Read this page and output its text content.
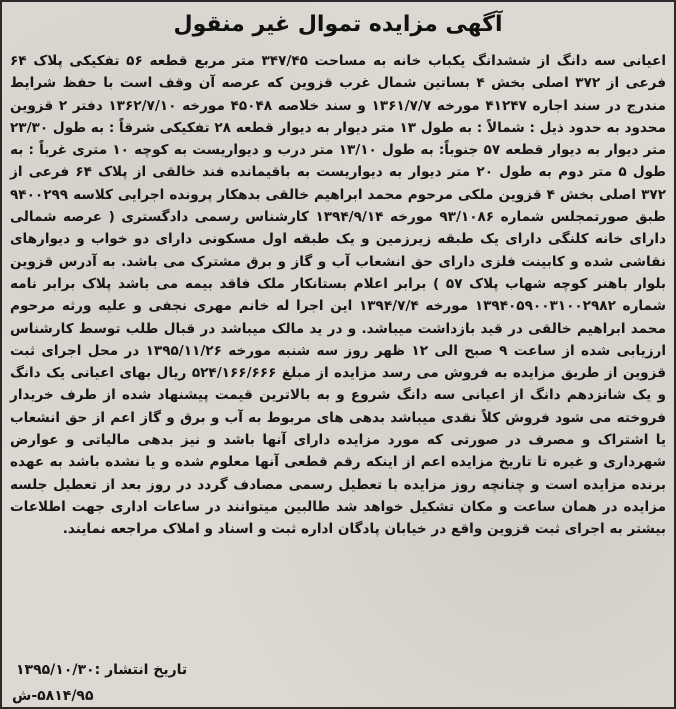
آگهی مزایده تموال غیر منقول
اعیانی سه دانگ از ششدانگ یکباب خانه به مساحت ۳۴۷/۴۵ متر مربع قطعه ۵۶ تفکیکی پلاک ۶۴ فرعی از ۳۷۲ اصلی بخش ۴ بساتین شمال غرب قزوین که عرصه آن وقف است با حفظ شرایط مندرج در سند اجاره ۴۱۲۴۷ مورخه ۱۳۶۱/۷/۷ و سند خلاصه ۴۵۰۴۸ مورخه ۱۳۶۲/۷/۱۰ دفتر ۲ قزوین محدود به حدود ذیل : شمالاً : به طول ۱۳ متر دیوار به دیوار قطعه ۲۸ تفکیکی شرقاً : به طول ۲۳/۳۰ متر دیوار به دیوار قطعه ۵۷ جنوباً: به طول ۱۳/۱۰ متر درب و دیواریست به کوچه ۱۰ متری غرباً : به طول ۵ متر دوم به طول ۲۰ متر دیوار به دیواریست به باقیمانده فند خالقی از پلاک ۶۴ فرعی از ۳۷۲ اصلی بخش ۴ قزوین ملکی مرحوم محمد ابراهیم خالقی بدهکار پرونده اجرایی کلاسه ۹۴۰۰۲۹۹ طبق صورتمجلس شماره ۹۳/۱۰۸۶ مورخه ۱۳۹۴/۹/۱۴ کارشناس رسمی دادگستری ( عرصه شمالی دارای خانه کلنگی دارای یک طبقه زیرزمین و یک طبقه اول مسکونی دارای دو خواب و دیوارهای نقاشی شده و کابینت فلزی دارای حق انشعاب آب و گاز و برق مشترک می باشد. به آدرس قزوین بلوار باهنر کوچه شهاب پلاک ۵۷ ) برابر اعلام بستانکار ملک فاقد بیمه می باشد پلاک برابر نامه شماره ۱۳۹۴۰۵۹۰۰۳۱۰۰۲۹۸۲ مورخه ۱۳۹۴/۷/۴ این اجرا له خانم مهری نجفی و علیه ورثه مرحوم محمد ابراهیم خالقی در قید بازداشت میباشد. و در ید مالک میباشد در قبال طلب توسط کارشناس ارزیابی شده از ساعت ۹ صبح الی ۱۲ ظهر روز سه شنبه مورخه ۱۳۹۵/۱۱/۲۶ در محل اجرای ثبت قزوین از طریق مزایده به فروش می رسد مزایده از مبلغ ۵۲۴/۱۶۶/۶۶۶ ریال بهای اعیانی یک دانگ و یک شانزدهم دانگ از اعیانی سه دانگ شروع و به بالاترین قیمت پیشنهاد شده از طرف خریدار فروخته می شود فروش کلاً نقدی میباشد بدهی های مربوط به آب و برق و گاز اعم از حق انشعاب یا اشتراک و مصرف در صورتی که مورد مزایده دارای آنها باشد و نیز بدهی مالیاتی و عوارض شهرداری و غیره تا تاریخ مزایده اعم از اینکه رقم قطعی آنها معلوم شده و یا نشده باشد به عهده برنده مزایده است و چنانچه روز مزایده با تعطیل رسمی مصادف گردد در روز بعد از تعطیل جلسه مزایده در همان ساعت و مکان تشکیل خواهد شد طالبین میتوانند در ساعات اداری جهت اطلاعات بیشتر به اجرای ثبت قزوین واقع در خیابان پادگان اداره ثبت و اسناد و املاک مراجعه نمایند.
تاریخ انتشار :۱۳۹۵/۱۰/۳۰
۵۸۱۴/۹۵-ش
